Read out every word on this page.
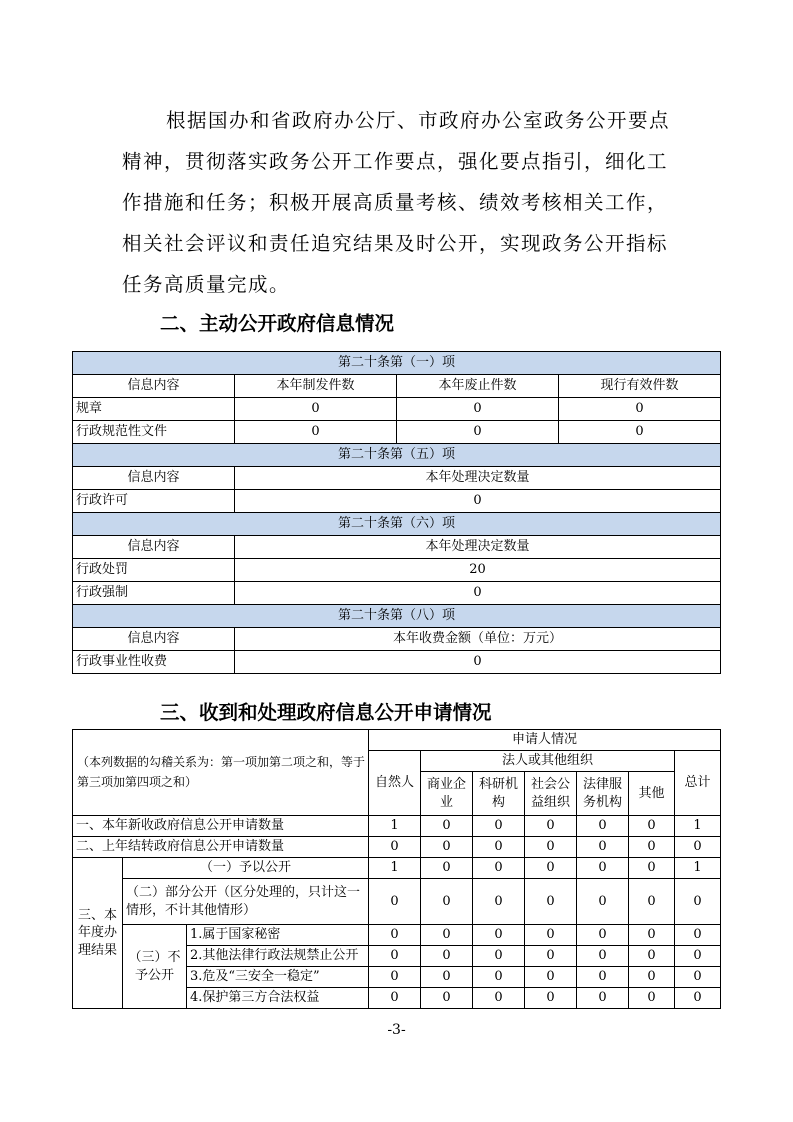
根据国办和省政府办公厅、市政府办公室政务公开要点
精神，贯彻落实政务公开工作要点，强化要点指引，细化工
作措施和任务；积极开展高质量考核、绩效考核相关工作，
相关社会评议和责任追究结果及时公开，实现政务公开指标
任务高质量完成。
二、主动公开政府信息情况
第二十条第（一）项			
信息内容	本年制发件数	本年废止件数	现行有效件数
规章	0	0	0
行政规范性文件	0	0	0
第二十条第（五）项			
信息内容	本年处理决定数量		
行政许可	0		
第二十条第（六）项			
信息内容	本年处理决定数量		
行政处罚	20		
行政强制	0		
第二十条第（八）项			
信息内容	本年收费金额（单位：万元）		
行政事业性收费	0		
三、收到和处理政府信息公开申请情况
（本列数据的勾稽关系为：第一项加第二项之和，等于第三项加第四项之和）			申请人情况						
			自然人	法人或其他组织					总计
				商业企业	科研机构	社会公益组织	法律服务机构	其他	
一、本年新收政府信息公开申请数量			1	0	0	0	0	0	1
二、上年结转政府信息公开申请数量			0	0	0	0	0	0	0
三、本年度办理结果	（一）予以公开		1	0	0	0	0	0	1
	（二）部分公开（区分处理的，只计这一情形，不计其他情形）		0	0	0	0	0	0	0
	（三）不予公开	1.属于国家秘密	0	0	0	0	0	0	0
		2.其他法律行政法规禁止公开	0	0	0	0	0	0	0
		3.危及“三安全一稳定”	0	0	0	0	0	0	0
		4.保护第三方合法权益	0	0	0	0	0	0	0
-3-
